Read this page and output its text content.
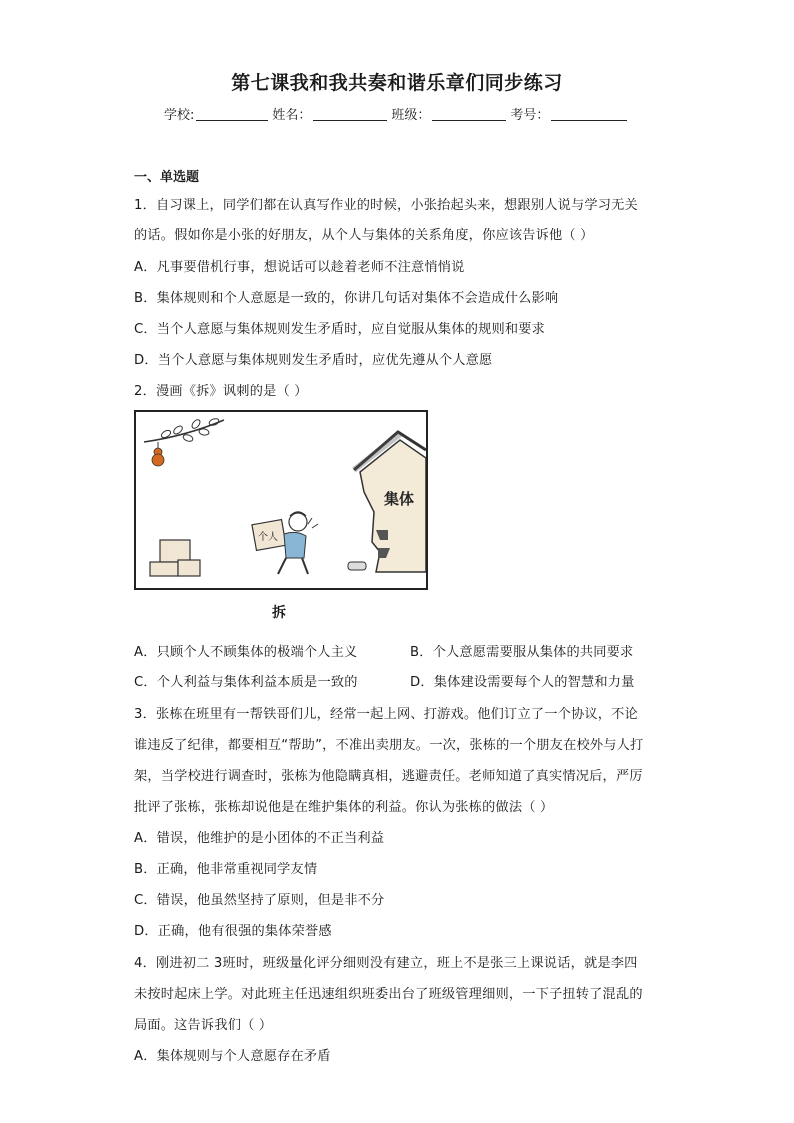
第七课我和我共奏和谐乐章们同步练习
学校:	姓名：	班级：	考号：
一、单选题
1．自习课上，同学们都在认真写作业的时候，小张抬起头来，想跟别人说与学习无关
的话。假如你是小张的好朋友，从个人与集体的关系角度，你应该告诉他（ ）
A．凡事要借机行事，想说话可以趁着老师不注意悄悄说
B．集体规则和个人意愿是一致的，你讲几句话对集体不会造成什么影响
C．当个人意愿与集体规则发生矛盾时，应自觉服从集体的规则和要求
D．当个人意愿与集体规则发生矛盾时，应优先遵从个人意愿
2．漫画《拆》讽刺的是（ ）
个人
集体
拆
A．只顾个人不顾集体的极端个人主义	B．个人意愿需要服从集体的共同要求
C．个人利益与集体利益本质是一致的	D．集体建设需要每个人的智慧和力量
3．张栋在班里有一帮铁哥们儿，经常一起上网、打游戏。他们订立了一个协议，不论
谁违反了纪律，都要相互“帮助”，不准出卖朋友。一次，张栋的一个朋友在校外与人打
架，当学校进行调查时，张栋为他隐瞒真相，逃避责任。老师知道了真实情况后，严厉
批评了张栋，张栋却说他是在维护集体的利益。你认为张栋的做法（ ）
A．错误，他维护的是小团体的不正当利益
B．正确，他非常重视同学友情
C．错误，他虽然坚持了原则，但是非不分
D．正确，他有很强的集体荣誉感
4．刚进初二 3班时，班级量化评分细则没有建立，班上不是张三上课说话，就是李四
未按时起床上学。对此班主任迅速组织班委出台了班级管理细则，一下子扭转了混乱的
局面。这告诉我们（ ）
A．集体规则与个人意愿存在矛盾
